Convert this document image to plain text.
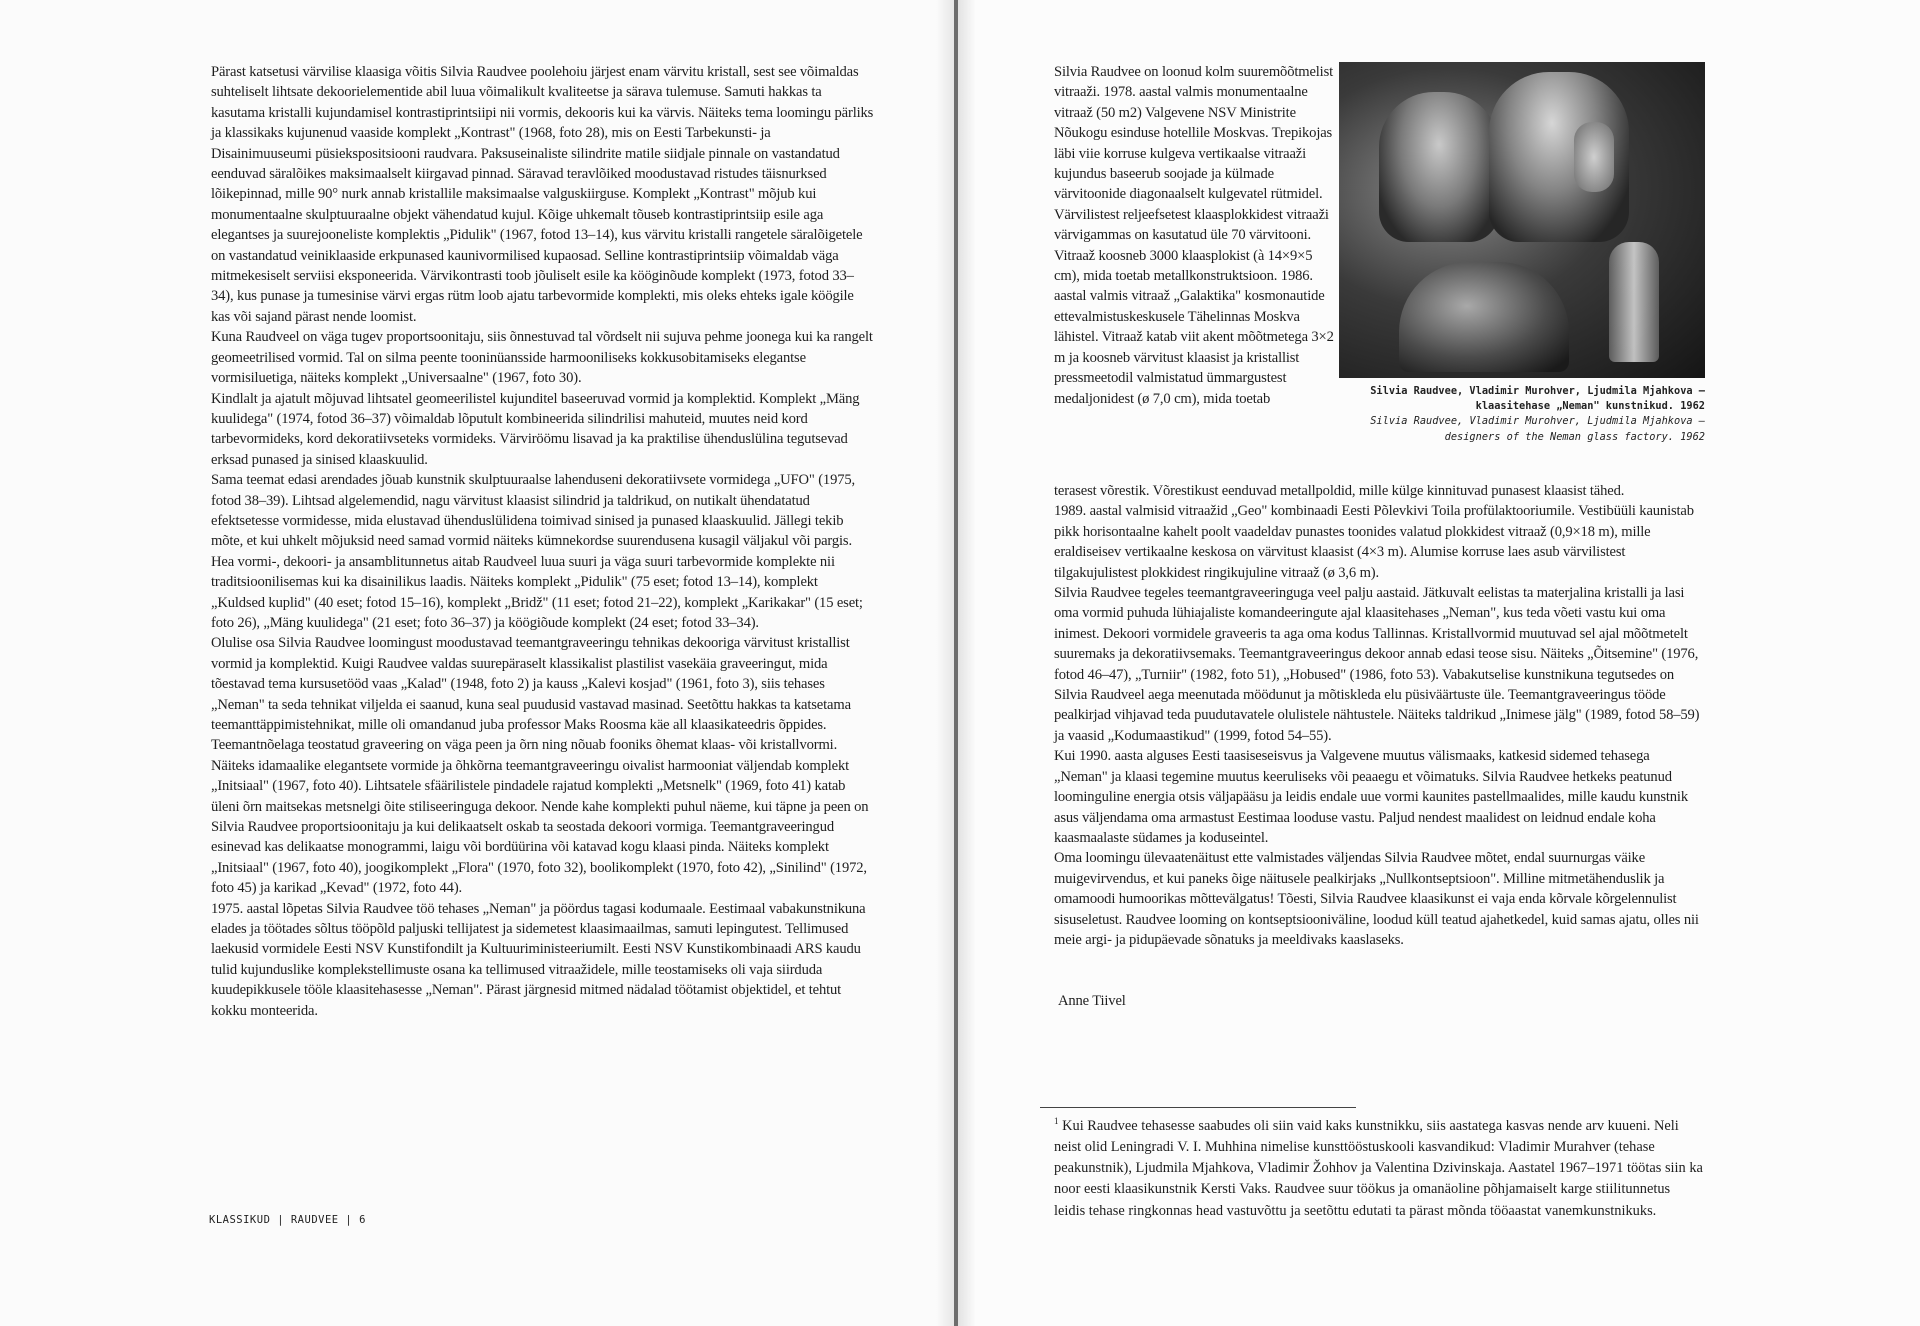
Pärast katsetusi värvilise klaasiga võitis Silvia Raudvee poolehoiu järjest enam värvitu kristall, sest see võimaldas suhteliselt lihtsate dekoorielementide abil luua võimalikult kvaliteetse ja särava tulemuse. Samuti hakkas ta kasutama kristalli kujundamisel kontrastiprintsiipi nii vormis, dekooris kui ka värvis. Näiteks tema loomingu pärliks ja klassikaks kujunenud vaaside komplekt „Kontrast" (1968, foto 28), mis on Eesti Tarbekunsti- ja Disainimuuseumi püsiekspositsiooni raudvara. Paksuseinaliste silindrite matile siidjale pinnale on vastandatud eenduvad säralõikes maksimaalselt kiirgavad pinnad. Säravad teravlõiked moodustavad ristudes täisnurksed lõikepinnad, mille 90° nurk annab kristallile maksimaalse valguskiirguse. Komplekt „Kontrast" mõjub kui monumentaalne skulptuuraalne objekt vähendatud kujul. Kõige uhkemalt tõuseb kontrastiprintsiip esile aga elegantses ja suurejooneliste komplektis „Pidulik" (1967, fotod 13–14), kus värvitu kristalli rangetele säralõigetele on vastandatud veiniklaaside erkpunased kaunivormilised kupaosad. Selline kontrastiprintsiip võimaldab väga mitmekesiselt serviisi eksponeerida. Värvikontrasti toob jõuliselt esile ka kööginõude komplekt (1973, fotod 33–34), kus punase ja tumesinise värvi ergas rütm loob ajatu tarbevormide komplekti, mis oleks ehteks igale köögile kas või sajand pärast nende loomist.

Kuna Raudveel on väga tugev proportsoonitaju, siis õnnestuvad tal võrdselt nii sujuva pehme joonega kui ka rangelt geomeetrilised vormid. Tal on silma peente tooninüansside harmooniliseks kokkusobitamiseks elegantse vormisiluetiga, näiteks komplekt „Universaalne" (1967, foto 30).

Kindlalt ja ajatult mõjuvad lihtsatel geomeerilistel kujunditel baseeruvad vormid ja komplektid. Komplekt „Mäng kuulidega" (1974, fotod 36–37) võimaldab lõputult kombineerida silindrilisi mahuteid, muutes neid kord tarbevormideks, kord dekoratiivseteks vormideks. Värviröömu lisavad ja ka praktilise ühenduslülina tegutsevad erksad punased ja sinised klaaskuulid.

Sama teemat edasi arendades jõuab kunstnik skulptuuraalse lahenduseni dekoratiivsete vormidega „UFO" (1975, fotod 38–39). Lihtsad algelemendid, nagu värvitust klaasist silindrid ja taldrikud, on nutikalt ühendatatud efektsetesse vormidesse, mida elustavad ühenduslülidena toimivad sinised ja punased klaaskuulid. Jällegi tekib mõte, et kui uhkelt mõjuksid need samad vormid näiteks kümnekordse suurendusena kusagil väljakul või pargis.

Hea vormi-, dekoori- ja ansamblitunnetus aitab Raudveel luua suuri ja väga suuri tarbevormide komplekte nii traditsioonilisemas kui ka disainilikus laadis. Näiteks komplekt „Pidulik" (75 eset; fotod 13–14), komplekt „Kuldsed kuplid" (40 eset; fotod 15–16), komplekt „Bridž" (11 eset; fotod 21–22), komplekt „Karikakar" (15 eset; foto 26), „Mäng kuulidega" (21 eset; foto 36–37) ja köögiõude komplekt (24 eset; fotod 33–34).

Olulise osa Silvia Raudvee loomingust moodustavad teemantgraveeringu tehnikas dekooriga värvitust kristallist vormid ja komplektid. Kuigi Raudvee valdas suurepäraselt klassikalist plastilist vasekäia graveeringut, mida tõestavad tema kursusetööd vaas „Kalad" (1948, foto 2) ja kauss „Kalevi kosjad" (1961, foto 3), siis tehases „Neman" ta seda tehnikat viljelda ei saanud, kuna seal puudusid vastavad masinad. Seetõttu hakkas ta katsetama teemanttäppimistehnikat, mille oli omandanud juba professor Maks Roosma käe all klaasikateedris õppides. Teemantnõelaga teostatud graveering on väga peen ja õrn ning nõuab fooniks õhemat klaas- või kristallvormi. Näiteks idamaalike elegantsete vormide ja õhkõrna teemantgraveeringu oivalist harmooniat väljendab komplekt „Initsiaal" (1967, foto 40). Lihtsatele sfäärilistele pindadele rajatud komplekti „Metsnelk" (1969, foto 41) katab üleni õrn maitsekas metsnelgi õite stiliseeringuga dekoor. Nende kahe komplekti puhul näeme, kui täpne ja peen on Silvia Raudvee proportsioonitaju ja kui delikaatselt oskab ta seostada dekoori vormiga. Teemantgraveeringud esinevad kas delikaatse monogrammi, laigu või bordüürina või katavad kogu klaasi pinda. Näiteks komplekt „Initsiaal" (1967, foto 40), joogikomplekt „Flora" (1970, foto 32), boolikomplekt (1970, foto 42), „Sinilind" (1972, foto 45) ja karikad „Kevad" (1972, foto 44).

1975. aastal lõpetas Silvia Raudvee töö tehases „Neman" ja pöördus tagasi kodumaale. Eestimaal vabakunstnikuna elades ja töötades sõltus tööpõld paljuski tellijatest ja sidemetest klaasimaailmas, samuti lepingutest. Tellimused laekusid vormidele Eesti NSV Kunstifondilt ja Kultuuriministeeriumilt. Eesti NSV Kunstikombinaadi ARS kaudu tulid kujunduslike komplekstellimuste osana ka tellimused vitraažidele, mille teostamiseks oli vaja siirduda kuudepikkusele tööle klaasitehasesse „Neman". Pärast järgnesid mitmed nädalad töötamist objektidel, et tehtut kokku monteerida.

KLASSIKUD | RAUDVEE | 6

Silvia Raudvee on loonud kolm suuremõõtmelist vitraaži. 1978. aastal valmis monumentaalne vitraaž (50 m2) Valgevene NSV Ministrite Nõukogu esinduse hotellile Moskvas. Trepikojas läbi viie korruse kulgeva vertikaalse vitraaži kujundus baseerub soojade ja külmade värvitoonide diagonaalselt kulgevatel rütmidel. Värvilistest reljeefsetest klaasplokkidest vitraaži värvigammas on kasutatud üle 70 värvitooni. Vitraaž koosneb 3000 klaasplokist (à 14×9×5 cm), mida toetab metallkonstruktsioon. 1986. aastal valmis vitraaž „Galaktika" kosmonautide ettevalmistuskeskusele Tähelinnas Moskva lähistel. Vitraaž katab viit akent mõõtmetega 3×2 m ja koosneb värvitust klaasist ja kristallist pressmeetodil valmistatud ümmargustest medaljonidest (ø 7,0 cm), mida toetab	Silvia Raudvee, Vladimir Murohver, Ljudmila Mjahkova –
klaasitehase „Neman" kunstnikud. 1962
Silvia Raudvee, Vladimir Murohver, Ljudmila Mjahkova –
designers of the Neman glass factory. 1962

terasest võrestik. Võrestikust eenduvad metallpoldid, mille külge kinnituvad punasest klaasist tähed.

1989. aastal valmisid vitraažid „Geo" kombinaadi Eesti Põlevkivi Toila profülaktooriumile. Vestibüüli kaunistab pikk horisontaalne kahelt poolt vaadeldav punastes toonides valatud plokkidest vitraaž (0,9×18 m), mille eraldiseisev vertikaalne keskosa on värvitust klaasist (4×3 m). Alumise korruse laes asub värvilistest tilgakujulistest plokkidest ringikujuline vitraaž (ø 3,6 m).

Silvia Raudvee tegeles teemantgraveeringuga veel palju aastaid. Jätkuvalt eelistas ta materjalina kristalli ja lasi oma vormid puhuda lühiajaliste komandeeringute ajal klaasitehases „Neman", kus teda võeti vastu kui oma inimest. Dekoori vormidele graveeris ta aga oma kodus Tallinnas. Kristallvormid muutuvad sel ajal mõõtmetelt suuremaks ja dekoratiivsemaks. Teemantgraveeringus dekoor annab edasi teose sisu. Näiteks „Õitsemine" (1976, fotod 46–47), „Turniir" (1982, foto 51), „Hobused" (1986, foto 53). Vabakutselise kunstnikuna tegutsedes on Silvia Raudveel aega meenutada möödunut ja mõtiskleda elu püsiväärtuste üle. Teemantgraveeringus tööde pealkirjad vihjavad teda puudutavatele olulistele nähtustele. Näiteks taldrikud „Inimese jälg" (1989, fotod 58–59) ja vaasid „Kodumaastikud" (1999, fotod 54–55).

Kui 1990. aasta alguses Eesti taasiseseisvus ja Valgevene muutus välismaaks, katkesid sidemed tehasega „Neman" ja klaasi tegemine muutus keeruliseks või peaaegu et võimatuks. Silvia Raudvee hetkeks peatunud loominguline energia otsis väljapääsu ja leidis endale uue vormi kaunites pastellmaalides, mille kaudu kunstnik asus väljendama oma armastust Eestimaa looduse vastu. Paljud nendest maalidest on leidnud endale koha kaasmaalaste südames ja koduseintel.

Oma loomingu ülevaatenäitust ette valmistades väljendas Silvia Raudvee mõtet, endal suurnurgas väike muigevirvendus, et kui paneks õige näitusele pealkirjaks „Nullkontseptsioon". Milline mitmetähenduslik ja omamoodi humoorikas mõttevälgatus! Tõesti, Silvia Raudvee klaasikunst ei vaja enda kõrvale kõrgelennulist sisuseletust. Raudvee looming on kontseptsiooniväline, loodud küll teatud ajahetkedel, kuid samas ajatu, olles nii meie argi- ja pidupäevade sõnatuks ja meeldivaks kaaslaseks.

Anne Tiivel
$^1$ Kui Raudvee tehasesse saabudes oli siin vaid kaks kunstnikku, siis aastatega kasvas nende arv kuueni. Neli neist olid Leningradi V. I. Muhhina nimelise kunsttööstuskooli kasvandikud: Vladimir Murahver (tehase peakunstnik), Ljudmila Mjahkova, Vladimir Žohhov ja Valentina Dzivinskaja. Aastatel 1967–1971 töötas siin ka noor eesti klaasikunstnik Kersti Vaks. Raudvee suur töökus ja omanäoline põhjamaiselt karge stiilitunnetus leidis tehase ringkonnas head vastuvõttu ja seetõttu edutati ta pärast mõnda tööaastat vanemkunstnikuks.
